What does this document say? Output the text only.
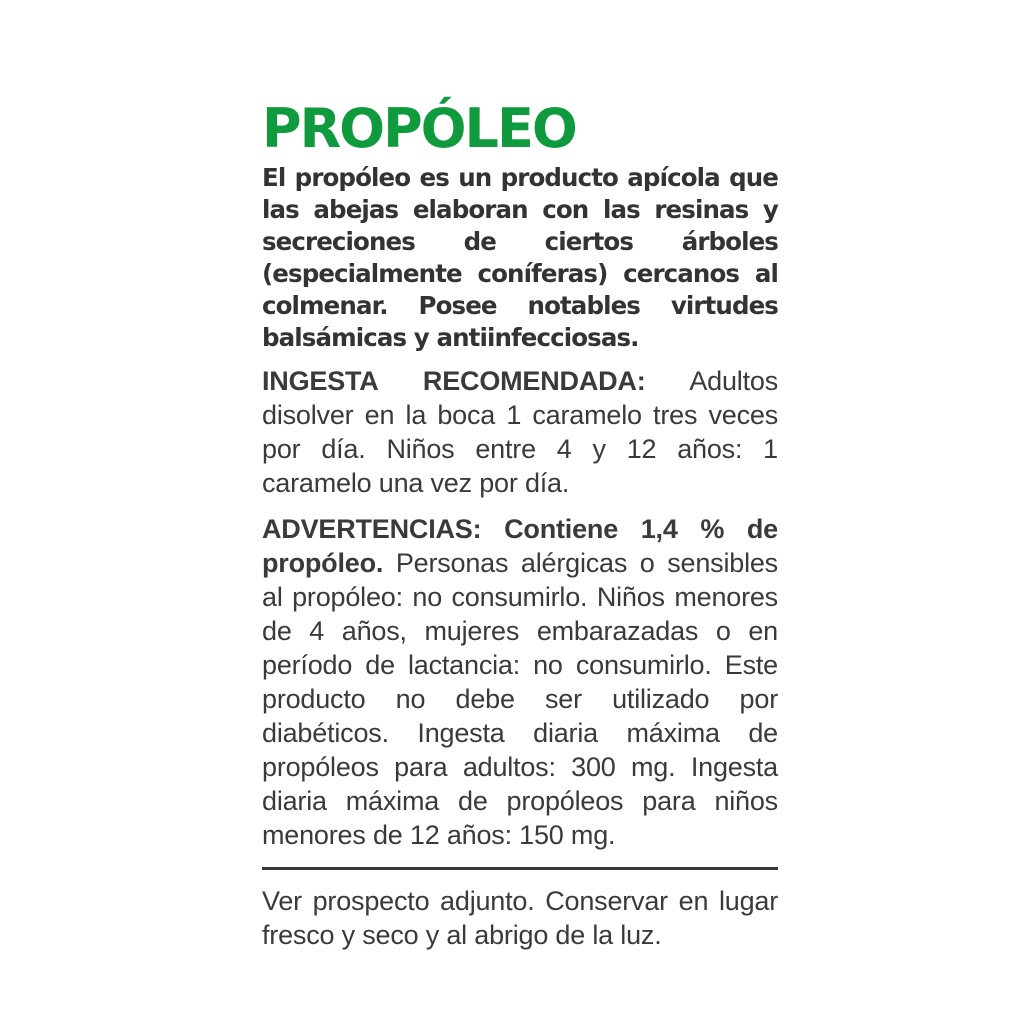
PROPÓLEO

El propóleo es un producto apícola que las abejas elaboran con las resinas y secreciones de ciertos árboles (especialmente coníferas) cercanos al colmenar. Posee notables virtudes balsámicas y antiinfecciosas.

INGESTA RECOMENDADA: Adultos disolver en la boca 1 caramelo tres veces por día. Niños entre 4 y 12 años: 1 caramelo una vez por día.

ADVERTENCIAS: Contiene 1,4 % de propóleo. Personas alérgicas o sensibles al propóleo: no consumirlo. Niños menores de 4 años, mujeres embarazadas o en período de lactancia: no consumirlo. Este producto no debe ser utilizado por diabéticos. Ingesta diaria máxima de propóleos para adultos: 300 mg. Ingesta diaria máxima de propóleos para niños menores de 12 años: 150 mg.

Ver prospecto adjunto. Conservar en lugar fresco y seco y al abrigo de la luz.
